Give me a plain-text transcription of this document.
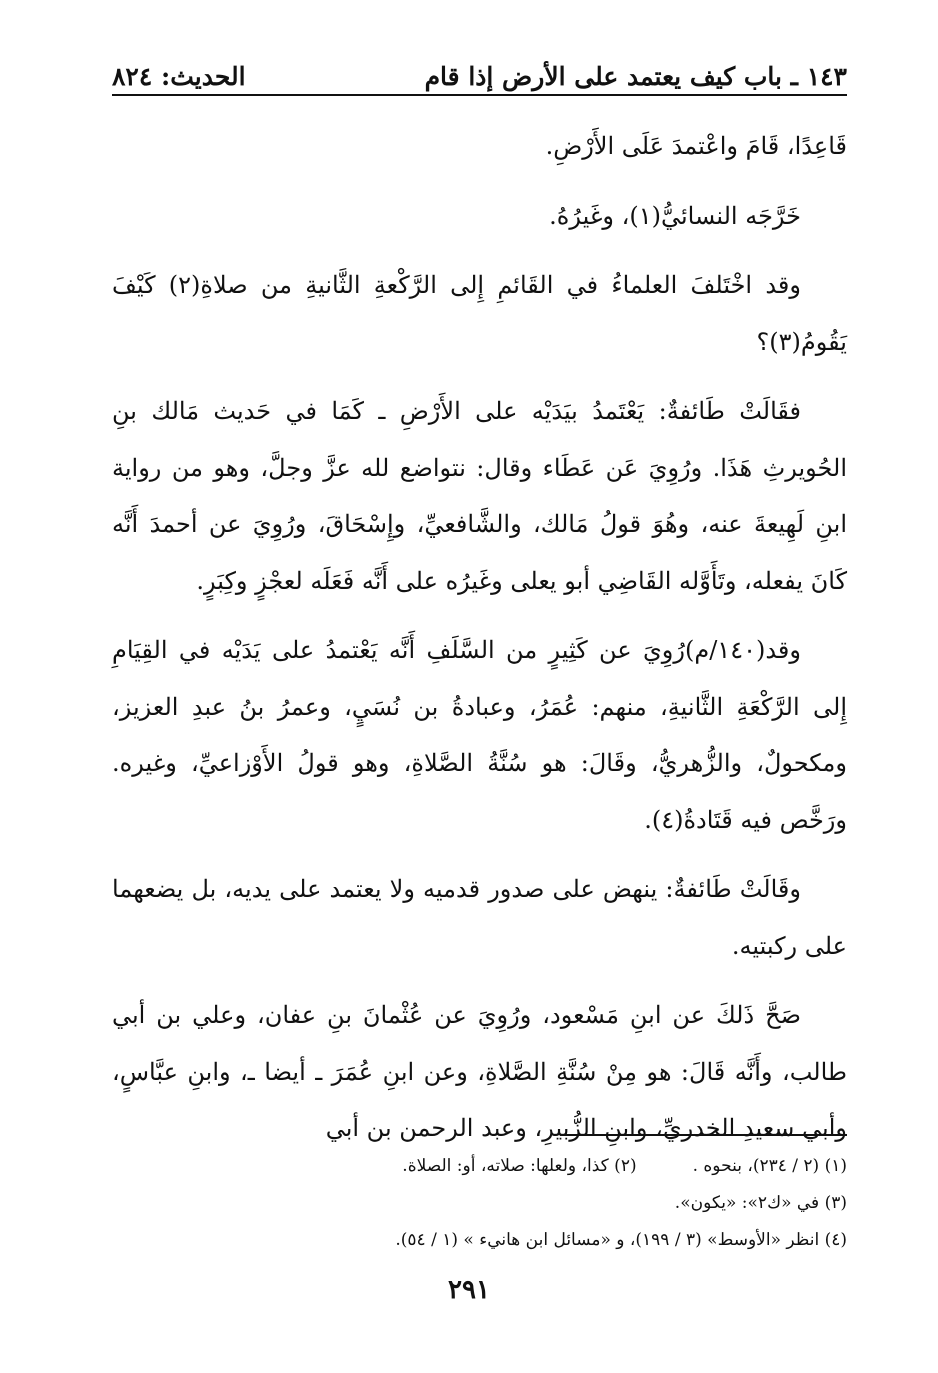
١٤٣ ـ باب كيف يعتمد على الأرض إذا قام
الحديث: ٨٢٤

قَاعِدًا، قَامَ واعْتمدَ عَلَى الأَرْضِ.

خَرَّجَه النسائيُّ(١)، وغَيرُهُ.

وقد اخْتَلفَ العلماءُ في القَائمِ إِلى الرَّكْعةِ الثَّانيةِ من صلاةِ(٢) كَيْفَ يَقُومُ(٣)؟

فقَالَتْ طَائفةٌ: يَعْتَمدُ بيَدَيْه على الأَرْضِ ـ كَمَا في حَديث مَالك بنِ الحُويرثِ هَذَا. ورُوِيَ عَن عَطَاء وقال: نتواضع لله عزَّ وجلَّ، وهو من رواية ابنِ لَهِيعةَ عنه، وهُوَ قولُ مَالك، والشَّافعيِّ، وإِسْحَاقَ، ورُوِيَ عن أحمدَ أَنَّه كَانَ يفعله، وتَأَوَّله القَاضِي أبو يعلى وغَيرُه على أَنَّه فَعَلَه لعجْزٍ وكِبَرٍ.

وقد(١٤٠/م)رُوِيَ عن كَثِيرٍ من السَّلَفِ أَنَّه يَعْتمدُ على يَدَيْه في القِيَامِ إِلى الرَّكْعَةِ الثَّانيةِ، منهم: عُمَرُ، وعبادةُ بن نُسَيٍ، وعمرُ بنُ عبدِ العزيز، ومكحولٌ، والزُّهريُّ، وقَالَ: هو سُنَّةُ الصَّلاةِ، وهو قولُ الأَوْزاعيِّ، وغيره. ورَخَّص فيه قَتَادةُ(٤).

وقَالَتْ طَائفةٌ: ينهض على صدور قدميه ولا يعتمد على يديه، بل يضعهما على ركبتيه.

صَحَّ ذَلكَ عن ابنِ مَسْعود، ورُوِيَ عن عُثْمانَ بنِ عفان، وعلي بن أبي طالب، وأَنَّه قَالَ: هو مِنْ سُنَّةِ الصَّلاةِ، وعن ابنِ عُمَرَ ـ أيضا ـ، وابنِ عبَّاسٍ، وأبي سعيدِ الخدريِّ، وابنِ الزُّبيرِ، وعبد الرحمن بن أبي

(١) (٢ / ٢٣٤)، بنحوه .(٢) كذا، ولعلها: صلاته، أو: الصلاة.
(٣) في «ك٢»: «يكون».
(٤) انظر «الأوسط» (٣ / ١٩٩)، و «مسائل ابن هانيء » (١ / ٥٤).
٢٩١
